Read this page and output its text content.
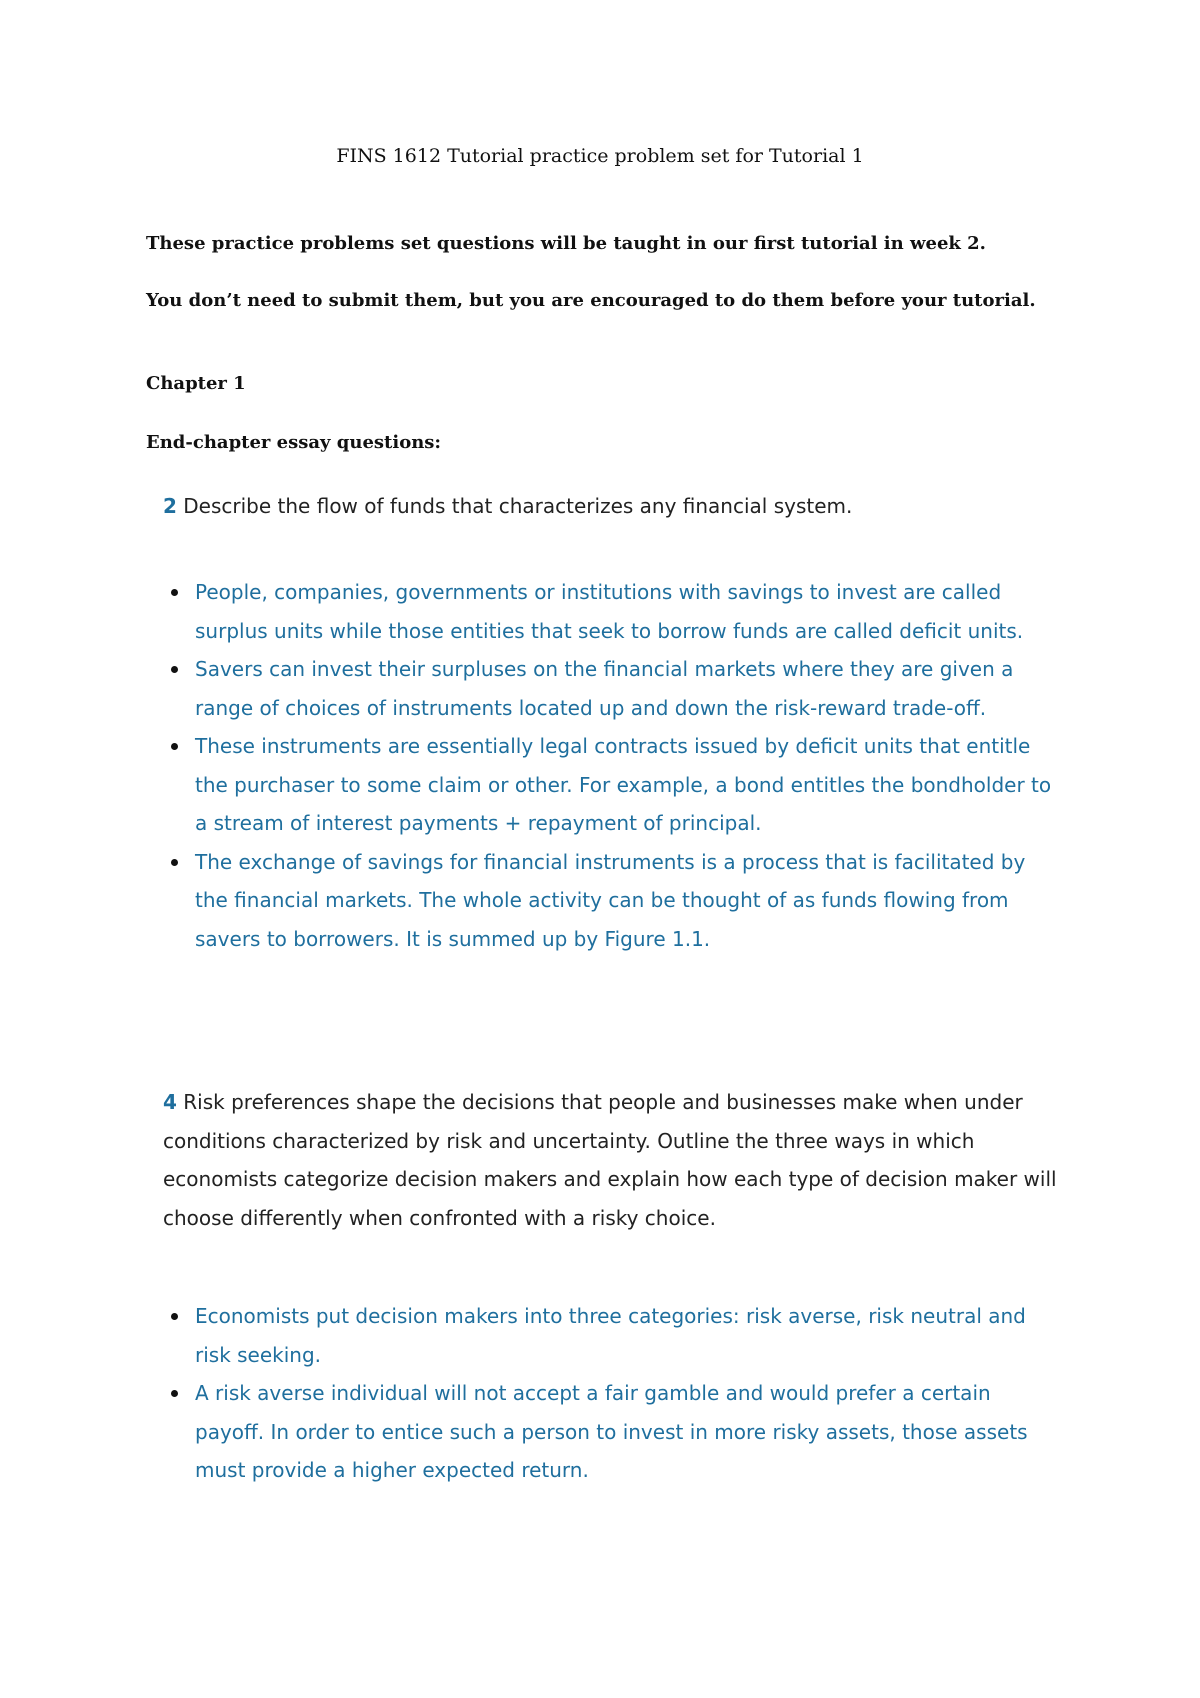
FINS 1612 Tutorial practice problem set for Tutorial 1

These practice problems set questions will be taught in our first tutorial in week 2.

You don’t need to submit them, but you are encouraged to do them before your tutorial.

Chapter 1

End-chapter essay questions:

2 Describe the flow of funds that characterizes any financial system.

People, companies, governments or institutions with savings to invest are called surplus units while those entities that seek to borrow funds are called deficit units.
Savers can invest their surpluses on the financial markets where they are given a range of choices of instruments located up and down the risk-reward trade-off.
These instruments are essentially legal contracts issued by deficit units that entitle the purchaser to some claim or other. For example, a bond entitles the bondholder to a stream of interest payments + repayment of principal.
The exchange of savings for financial instruments is a process that is facilitated by the financial markets. The whole activity can be thought of as funds flowing from savers to borrowers. It is summed up by Figure 1.1.

4 Risk preferences shape the decisions that people and businesses make when under conditions characterized by risk and uncertainty. Outline the three ways in which economists categorize decision makers and explain how each type of decision maker will choose differently when confronted with a risky choice.

Economists put decision makers into three categories: risk averse, risk neutral and risk seeking.
A risk averse individual will not accept a fair gamble and would prefer a certain payoff. In order to entice such a person to invest in more risky assets, those assets must provide a higher expected return.
